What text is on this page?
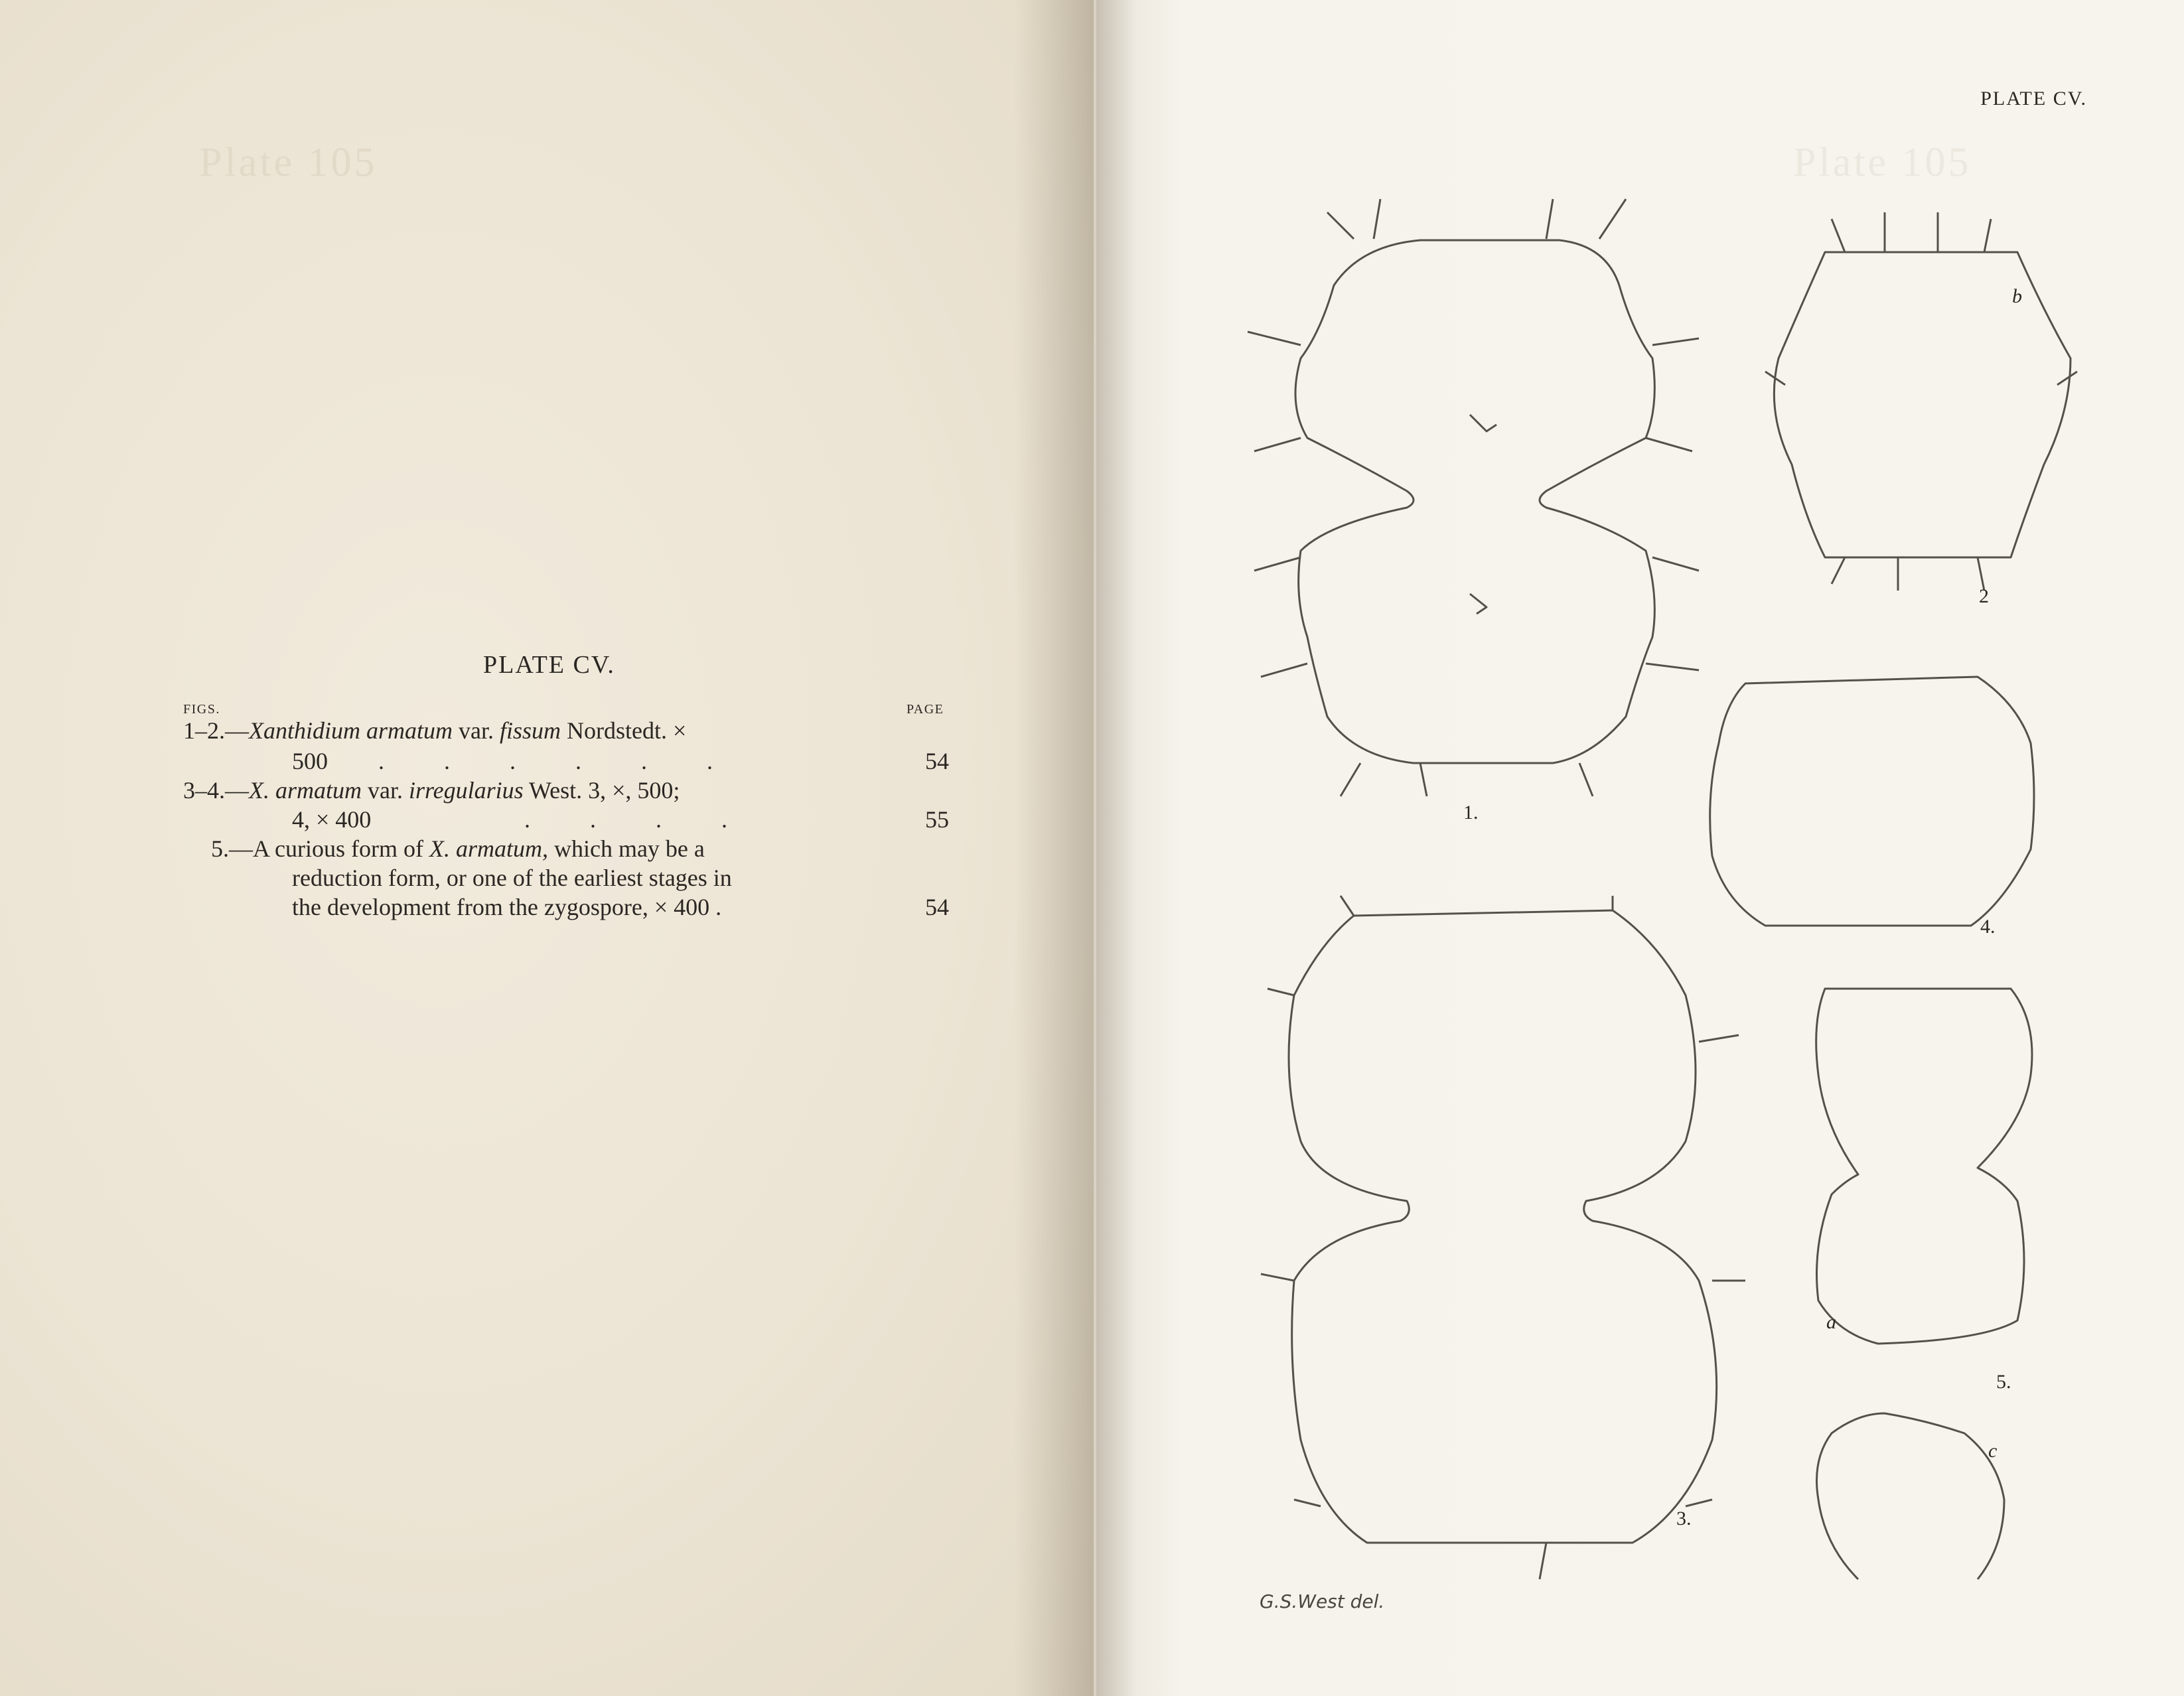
Plate 105
PLATE CV.
FIGS.	PAGE
1–2.—Xanthidium armatum var. fissum Nordstedt. ×
500 .          .          .          .          .          .	54
3–4.—X. armatum var. irregularius West. 3, ×, 500;
4, × 400	.          .          .          .	55
5.—A curious form of X. armatum, which may be a
reduction form, or one of the earliest stages in
the development from the zygospore, × 400 .	54
Plate 105
PLATE CV.
1.
2
3.
4.
5.
a
b
c
G.S.West del.
